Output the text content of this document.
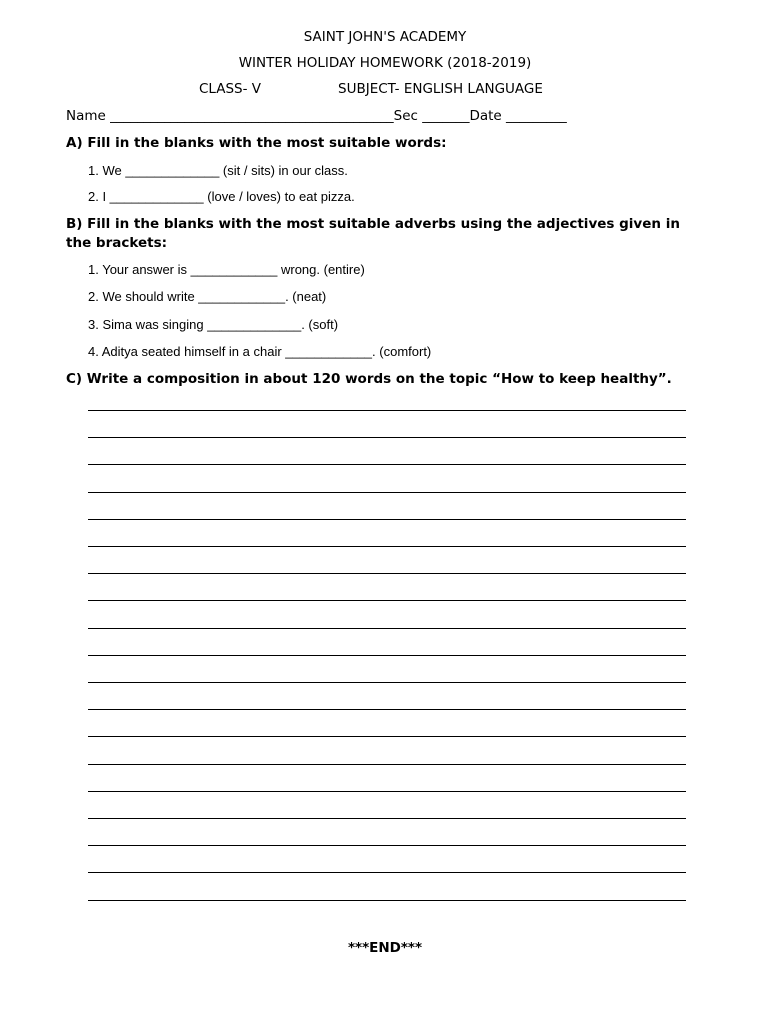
SAINT JOHN'S ACADEMY
WINTER HOLIDAY HOMEWORK (2018-2019)
CLASS- V	SUBJECT- ENGLISH LANGUAGE
Name __________________________________________Sec _______Date _________
A) Fill in the blanks with the most suitable words:
1. We _____________ (sit / sits) in our class.
2. I _____________ (love / loves) to eat pizza.
B) Fill in the blanks with the most suitable adverbs using the adjectives given in the brackets:
1. Your answer is ____________ wrong. (entire)
2. We should write ____________. (neat)
3. Sima was singing _____________. (soft)
4. Aditya seated himself in a chair ____________. (comfort)
C) Write a composition in about 120 words on the topic “How to keep healthy”.
***END***
